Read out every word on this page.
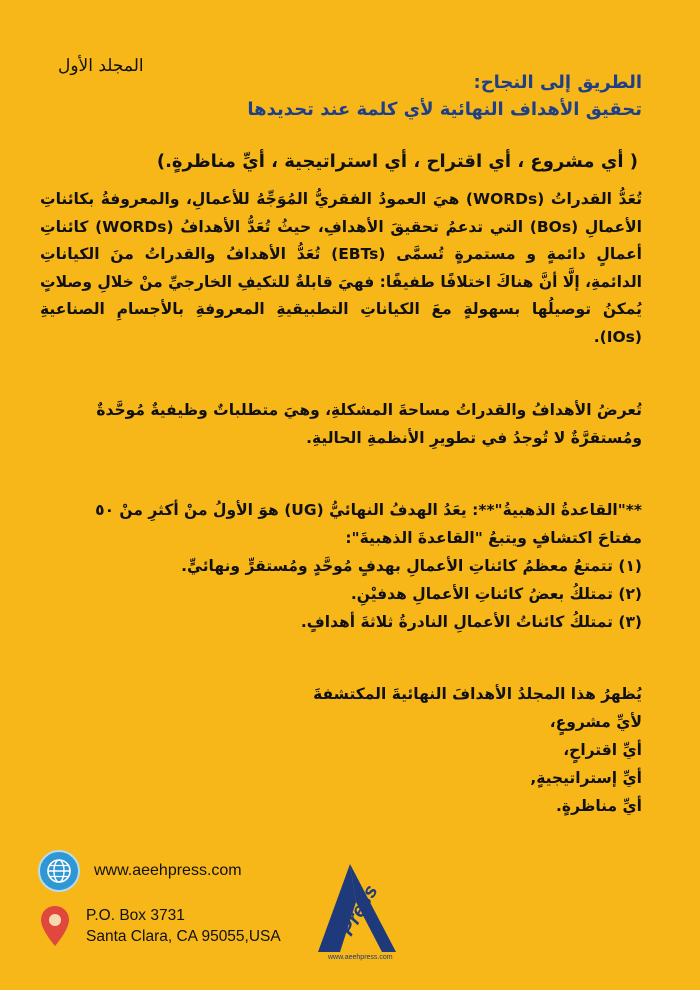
المجلد الأول
الطريق إلى النجاح:
تحقيق الأهداف النهائية لأي كلمة عند تحديدها
( أي مشروع ، أي اقتراح ، أي استراتيجية ، أيِّ مناظرةٍ.)
تُعَدُّ القدراتُ (WORDs) هيَ العمودُ الفقريُّ المُوَجِّهُ للأعمالِ، والمعروفةُ بكائناتِ الأعمالِ (BOs) التي تدعمُ تحقيقَ الأهدافِ، حيثُ تُعَدُّ الأهدافُ (WORDs) كائناتِ أعمالٍ دائمةٍ و مستمرةٍ تُسمَّى (EBTs) تُعَدُّ الأهدافُ والقدراتُ منَ الكياناتِ الدائمةِ، إلَّا أنَّ هناكَ اختلافًا طفيفًا: فهيَ قابلةٌ للتكيفِ الخارجيِّ منْ خلالِ وصلاتٍ يُمكنُ توصيلُها بسهولةٍ معَ الكياناتِ التطبيقيةِ المعروفةِ بالأجسامِ الصناعيةِ (IOs).
تُعرضُ الأهدافُ والقدراتُ مساحةَ المشكلةِ، وهيَ متطلباتٌ وظيفيةٌ مُوحَّدةٌ ومُستقرَّةٌ لا تُوجدُ في تطويرِ الأنظمةِ الحاليةِ.
**"القاعدةُ الذهبيةُ"**: يعَدُ الهدفُ النهائيُّ (UG) هوَ الأولُ منْ أكثرِ منْ ٥٠
مفتاحَ اكتشافٍ ويتبعُ "القاعدةَ الذهبيةَ":
(١) تتمتعُ معظمُ كائناتِ الأعمالِ بهدفٍ مُوحَّدٍ ومُستقرٍّ ونهائيٍّ.
(٢) تمتلكُ بعضُ كائناتِ الأعمالِ هدفيْنِ.
(٣) تمتلكُ كائناتُ الأعمالِ النادرةُ ثلاثةَ أهدافٍ.
يُظهرُ هذا المجلدُ الأهدافَ النهائيةَ المكتشفةَ
لأيِّ مشروعٍ،
أيِّ اقتراحٍ،
أيِّ إستراتيجيةٍ,
أيِّ مناظرةٍ.
www.aeehpress.com
P.O. Box 3731
Santa Clara, CA 95055,USA	Press
www.aeehpress.com
